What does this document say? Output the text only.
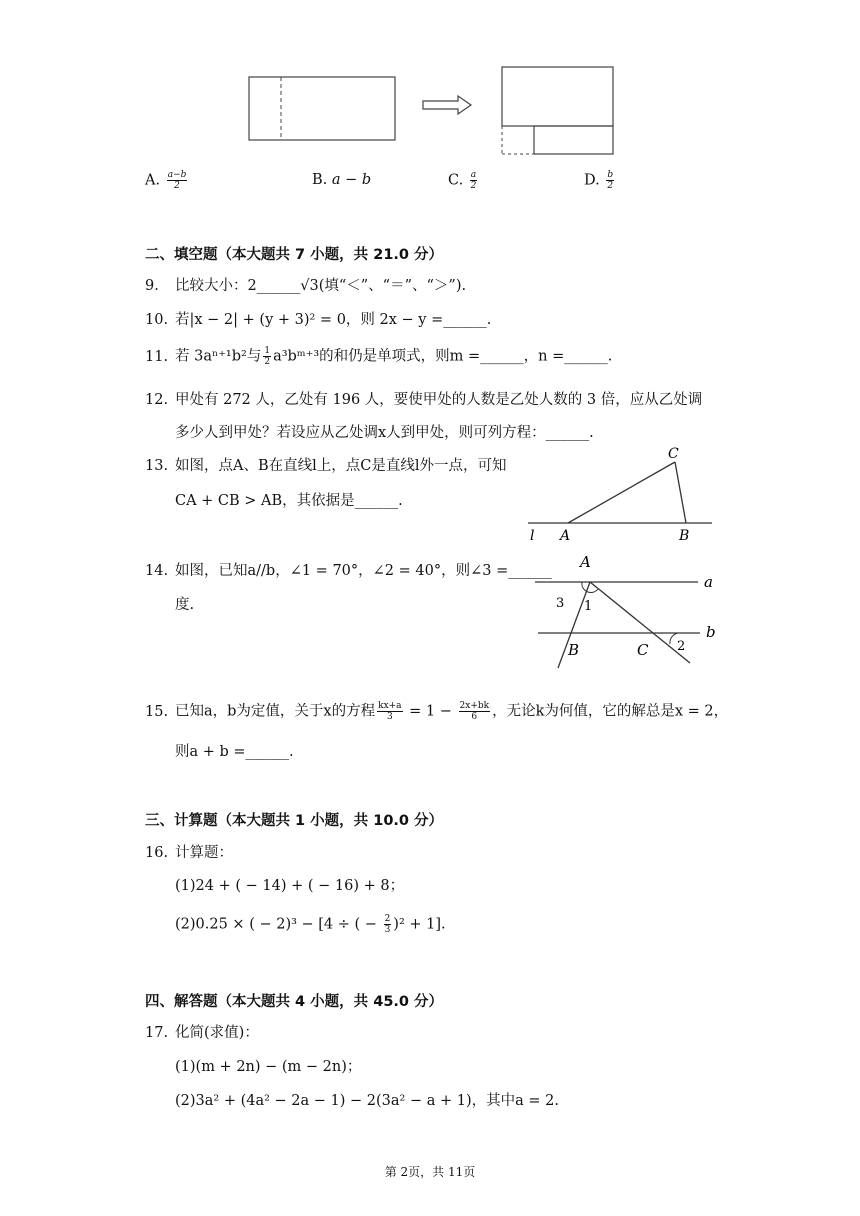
A. $\frac{a-b}{2}$	B. a − b	C. $\frac{a}{2}$	D. $\frac{b}{2}$
二、填空题（本大题共 7 小题，共 21.0 分）
9. 比较大小：2______√3(填“＜”、“＝”、“＞”).
10. 若|x − 2| + (y + 3)² = 0，则 2x − y =______.
11. 若 3aⁿ⁺¹b²与 $\frac{1}{2}$ a³bᵐ⁺³的和仍是单项式，则m =______，n =______.
12. 甲处有 272 人，乙处有 196 人，要使甲处的人数是乙处人数的 3 倍，应从乙处调
多少人到甲处？若设应从乙处调x人到甲处，则可列方程：______.
13. 如图，点A、B在直线l上，点C是直线l外一点，可知
CA + CB > AB，其依据是______.
l A	B
C
14. 如图，已知a//b，∠1 = 70°，∠2 = 40°，则∠3 =______
度.
A
B	C
a
b
1
2
3
15. 已知a，b为定值，关于x的方程 $\frac{kx+a}{3} = 1 - \frac{2x+bk}{6}$ ，无论k为何值，它的解总是x = 2，
则a + b =______.
三、计算题（本大题共 1 小题，共 10.0 分）
16. 计算题：
(1)24 + ( − 14) + ( − 16) + 8；
(2)0.25 × ( − 2)³ − [4 ÷ ( − $\frac{2}{3} )^2 + 1$].
四、解答题（本大题共 4 小题，共 45.0 分）
17. 化简(求值)：
(1)(m + 2n) − (m − 2n)；
(2)3a² + (4a² − 2a − 1) − 2(3a² − a + 1)，其中a = 2.
第 2页，共 11页
